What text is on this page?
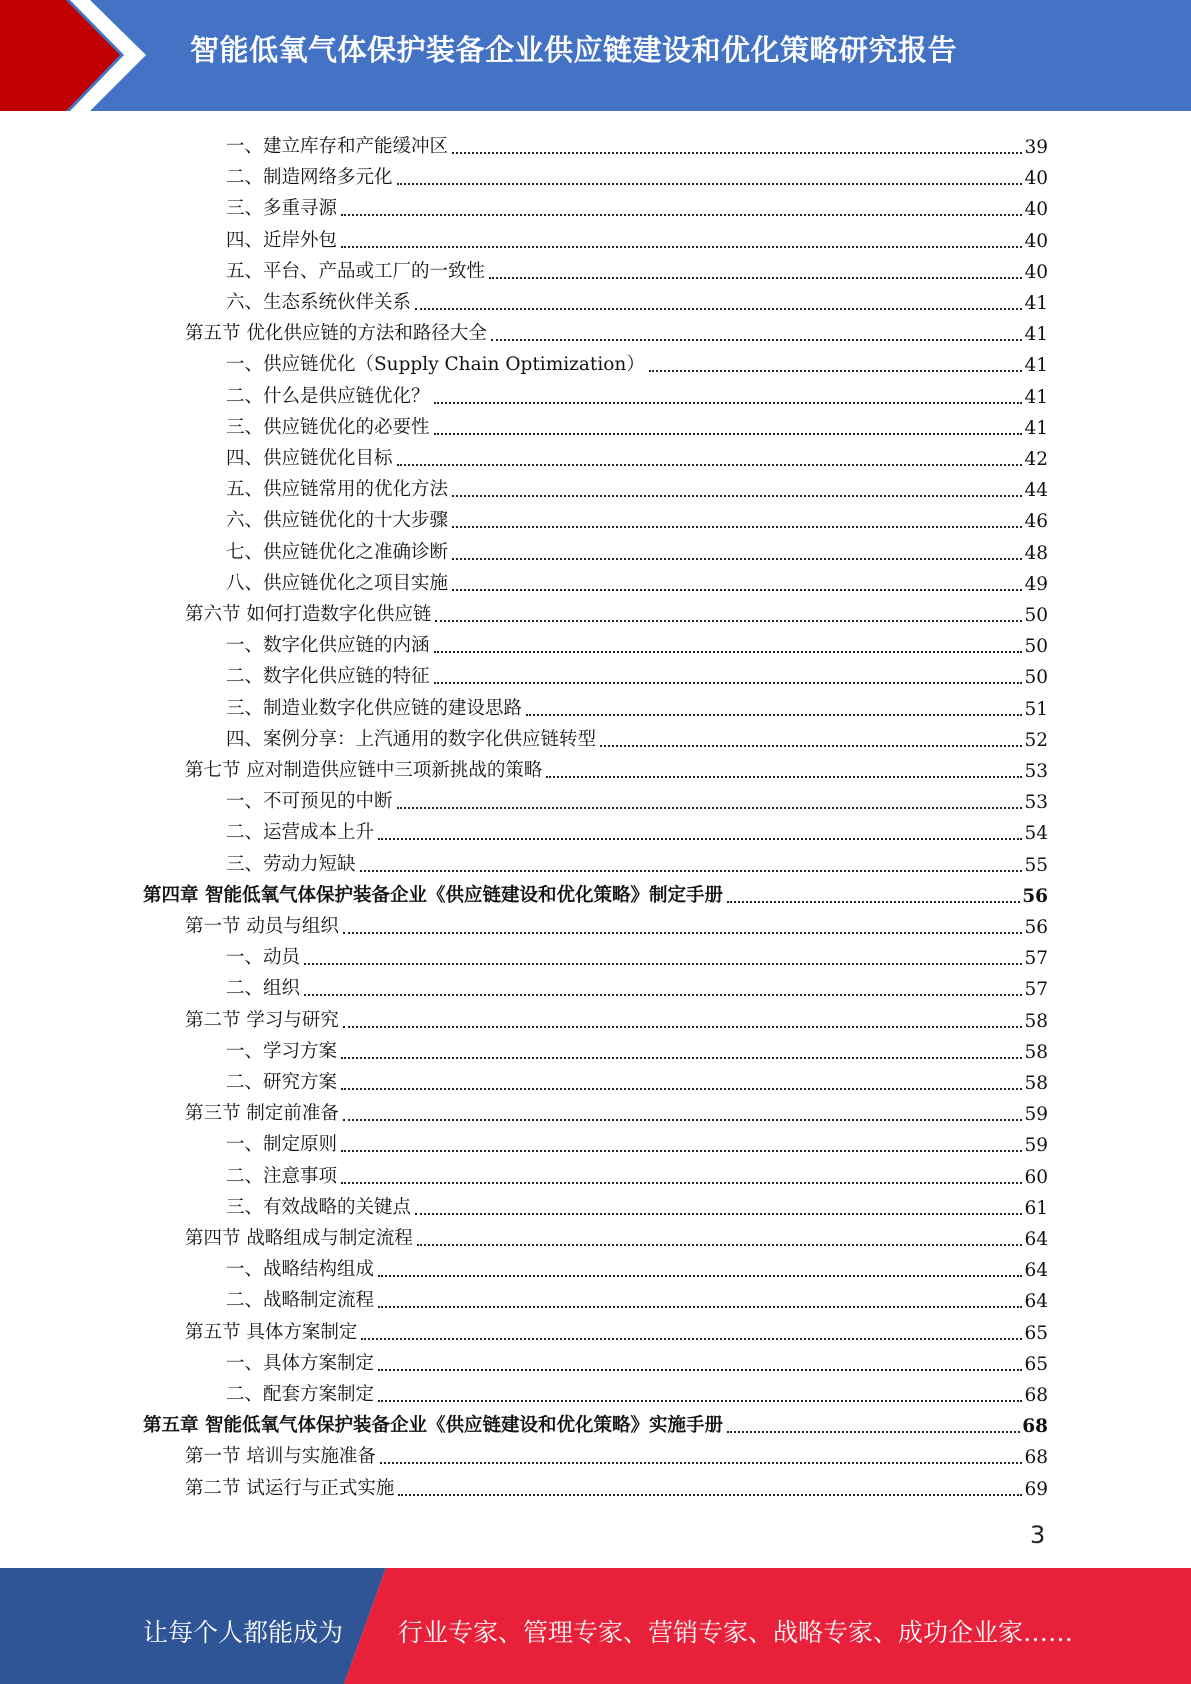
智能低氧气体保护装备企业供应链建设和优化策略研究报告
一、建立库存和产能缓冲区	39
二、制造网络多元化	40
三、多重寻源	40
四、近岸外包	40
五、平台、产品或工厂的一致性	40
六、生态系统伙伴关系	41
第五节 优化供应链的方法和路径大全	41
一、供应链优化（Supply Chain Optimization）	41
二、什么是供应链优化？	41
三、供应链优化的必要性	41
四、供应链优化目标	42
五、供应链常用的优化方法	44
六、供应链优化的十大步骤	46
七、供应链优化之准确诊断	48
八、供应链优化之项目实施	49
第六节 如何打造数字化供应链	50
一、数字化供应链的内涵	50
二、数字化供应链的特征	50
三、制造业数字化供应链的建设思路	51
四、案例分享：上汽通用的数字化供应链转型	52
第七节 应对制造供应链中三项新挑战的策略	53
一、不可预见的中断	53
二、运营成本上升	54
三、劳动力短缺	55
第四章 智能低氧气体保护装备企业《供应链建设和优化策略》制定手册	56
第一节 动员与组织	56
一、动员	57
二、组织	57
第二节 学习与研究	58
一、学习方案	58
二、研究方案	58
第三节 制定前准备	59
一、制定原则	59
二、注意事项	60
三、有效战略的关键点	61
第四节 战略组成与制定流程	64
一、战略结构组成	64
二、战略制定流程	64
第五节 具体方案制定	65
一、具体方案制定	65
二、配套方案制定	68
第五章 智能低氧气体保护装备企业《供应链建设和优化策略》实施手册	68
第一节 培训与实施准备	68
第二节 试运行与正式实施	69
3
让每个人都能成为 行业专家、管理专家、营销专家、战略专家、成功企业家……
